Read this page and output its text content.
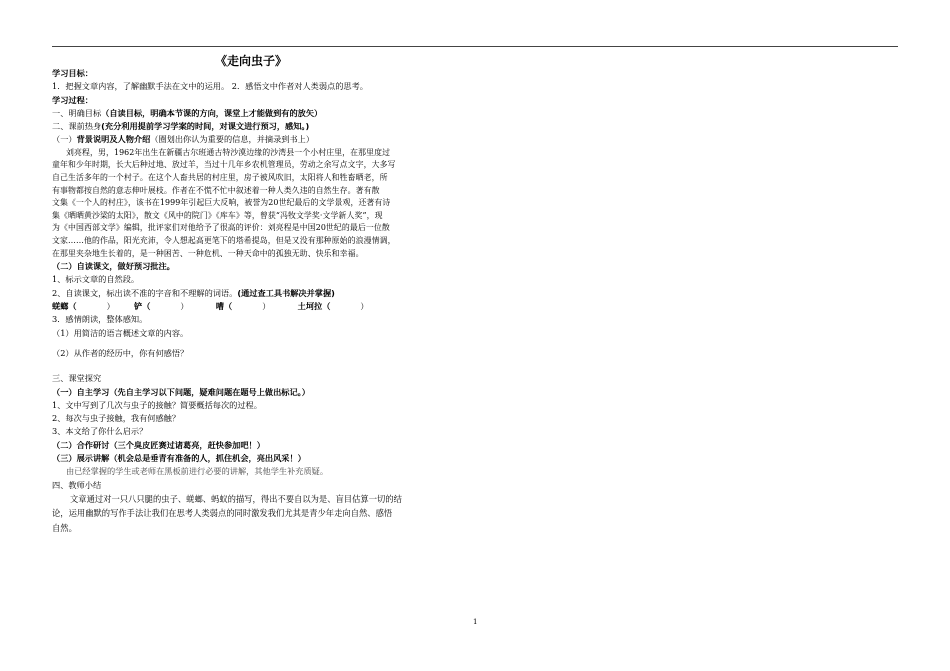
《走向虫子》
学习目标：
1．把握文章内容，了解幽默手法在文中的运用。 2．感悟文中作者对人类弱点的思考。
学习过程：
一、明确目标（自读目标，明确本节课的方向，课堂上才能做到有的放矢）
二、课前热身(充分利用提前学习学案的时间，对课文进行预习，感知。)
（一）背景说明及人物介绍（圈划出你认为重要的信息，并摘录到书上）
刘亮程，男，1962年出生在新疆古尔班通古特沙漠边缘的沙湾县一个小村庄里，在那里度过
童年和少年时期，长大后种过地、放过羊，当过十几年乡农机管理员，劳动之余写点文字，大多写
自己生活多年的一个村子。在这个人畜共居的村庄里，房子被风吹旧，太阳将人和牲畜晒老，所
有事物都按自然的意志伸叶展枝。作者在不慌不忙中叙述着一种人类久违的自然生存。著有散
文集《一个人的村庄》，该书在1999年引起巨大反响，被誉为20世纪最后的文学景观，还著有诗
集《晒晒黄沙梁的太阳》，散文《风中的院门》《库车》等，曾获“冯牧文学奖·文学新人奖”，现
为《中国西部文学》编辑，批评家们对他给予了很高的评价：刘亮程是中国20世纪的最后一位散
文家……他的作品，阳光充沛，令人想起高更笔下的塔希提岛，但是又没有那种原始的浪漫情调，
在那里夹杂地生长着的，是一种困苦、一种危机、一种天命中的孤独无助、快乐和幸福。
（二）自读课文，做好预习批注。
1、标示文章的自然段。
2、自读课文，标出读不准的字音和不理解的词语。(通过查工具书解决并掌握)
蜣螂（	） 铲（	）	嘈（	）	土坷拉（	）
3．感情朗读，整体感知。
（1）用简洁的语言概述文章的内容。
（2）从作者的经历中，你有何感悟？
三、课堂探究
（一）自主学习（先自主学习以下问题，疑难问题在题号上做出标记。）
1、文中写到了几次与虫子的接触？简要概括每次的过程。
2、每次与虫子接触，我有何感触？
3、本文给了你什么启示？
（二）合作研讨（三个臭皮匠赛过诸葛亮，赶快参加吧！）
（三）展示讲解（机会总是垂青有准备的人，抓住机会，亮出风采！）
由已经掌握的学生或老师在黑板前进行必要的讲解，其他学生补充质疑。
四、教师小结
文章通过对一只八只腿的虫子、蜣螂、蚂蚁的描写，得出不要自以为是、盲目估算一切的结
论，运用幽默的写作手法让我们在思考人类弱点的同时激发我们尤其是青少年走向自然、感悟
自然。
1
